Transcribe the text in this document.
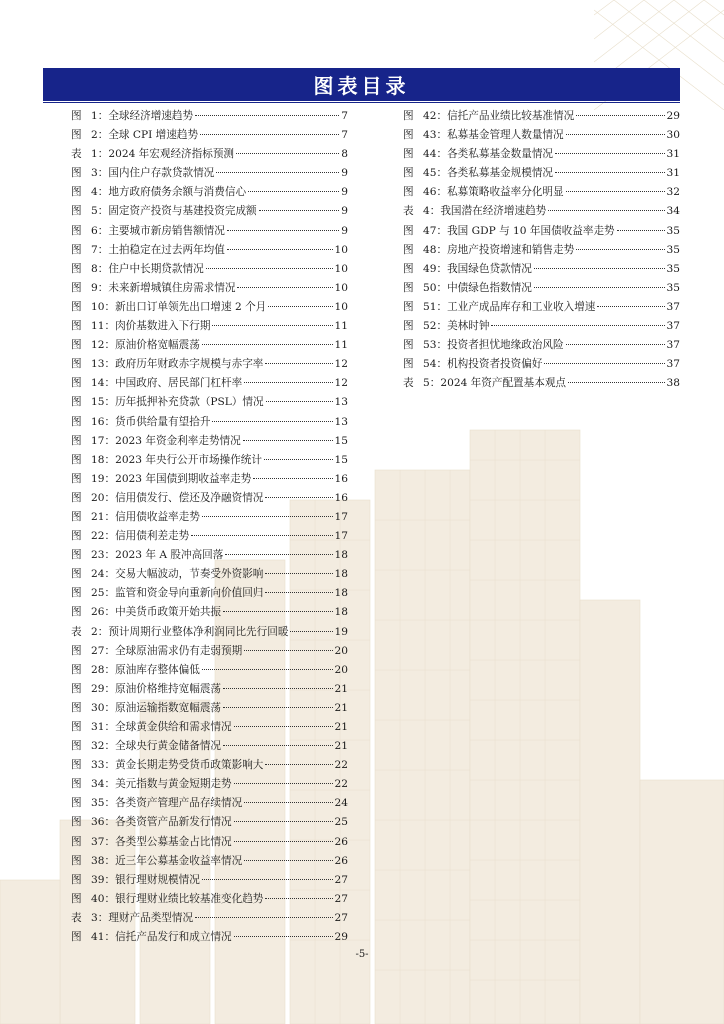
图表目录
图 1： 全球经济增速趋势	7
图 2： 全球 CPI 增速趋势	7
表 1： 2024 年宏观经济指标预测	8
图 3： 国内住户存款贷款情况	9
图 4： 地方政府债务余额与消费信心	9
图 5： 固定资产投资与基建投资完成额	9
图 6： 主要城市新房销售额情况	9
图 7： 土拍稳定在过去两年均值	10
图 8： 住户中长期贷款情况	10
图 9： 未来新增城镇住房需求情况	10
图 10： 新出口订单领先出口增速 2 个月	10
图 11： 肉价基数进入下行期	11
图 12： 原油价格宽幅震荡	11
图 13： 政府历年财政赤字规模与赤字率	12
图 14： 中国政府、居民部门杠杆率	12
图 15： 历年抵押补充贷款（PSL）情况	13
图 16： 货币供给量有望拾升	13
图 17： 2023 年资金利率走势情况	15
图 18： 2023 年央行公开市场操作统计	15
图 19： 2023 年国债到期收益率走势	16
图 20： 信用债发行、偿还及净融资情况	16
图 21： 信用债收益率走势	17
图 22： 信用债利差走势	17
图 23： 2023 年 A 股冲高回落	18
图 24： 交易大幅波动，节奏受外资影响	18
图 25： 监管和资金导向重新向价值回归	18
图 26： 中美货币政策开始共振	18
表 2： 预计周期行业整体净利润同比先行回暖	19
图 27： 全球原油需求仍有走弱预期	20
图 28： 原油库存整体偏低	20
图 29： 原油价格维持宽幅震荡	21
图 30： 原油运输指数宽幅震荡	21
图 31： 全球黄金供给和需求情况	21
图 32： 全球央行黄金储备情况	21
图 33： 黄金长期走势受货币政策影响大	22
图 34： 美元指数与黄金短期走势	22
图 35： 各类资产管理产品存续情况	24
图 36： 各类资管产品新发行情况	25
图 37： 各类型公募基金占比情况	26
图 38： 近三年公募基金收益率情况	26
图 39： 银行理财规模情况	27
图 40： 银行理财业绩比较基准变化趋势	27
表 3： 理财产品类型情况	27
图 41： 信托产品发行和成立情况	29
图 42： 信托产品业绩比较基准情况	29
图 43： 私募基金管理人数量情况	30
图 44： 各类私募基金数量情况	31
图 45： 各类私募基金规模情况	31
图 46： 私募策略收益率分化明显	32
表 4： 我国潜在经济增速趋势	34
图 47： 我国 GDP 与 10 年国债收益率走势	35
图 48： 房地产投资增速和销售走势	35
图 49： 我国绿色贷款情况	35
图 50： 中债绿色指数情况	35
图 51： 工业产成品库存和工业收入增速	37
图 52： 美林时钟	37
图 53： 投资者担忧地缘政治风险	37
图 54： 机构投资者投资偏好	37
表 5： 2024 年资产配置基本观点	38
-5-
